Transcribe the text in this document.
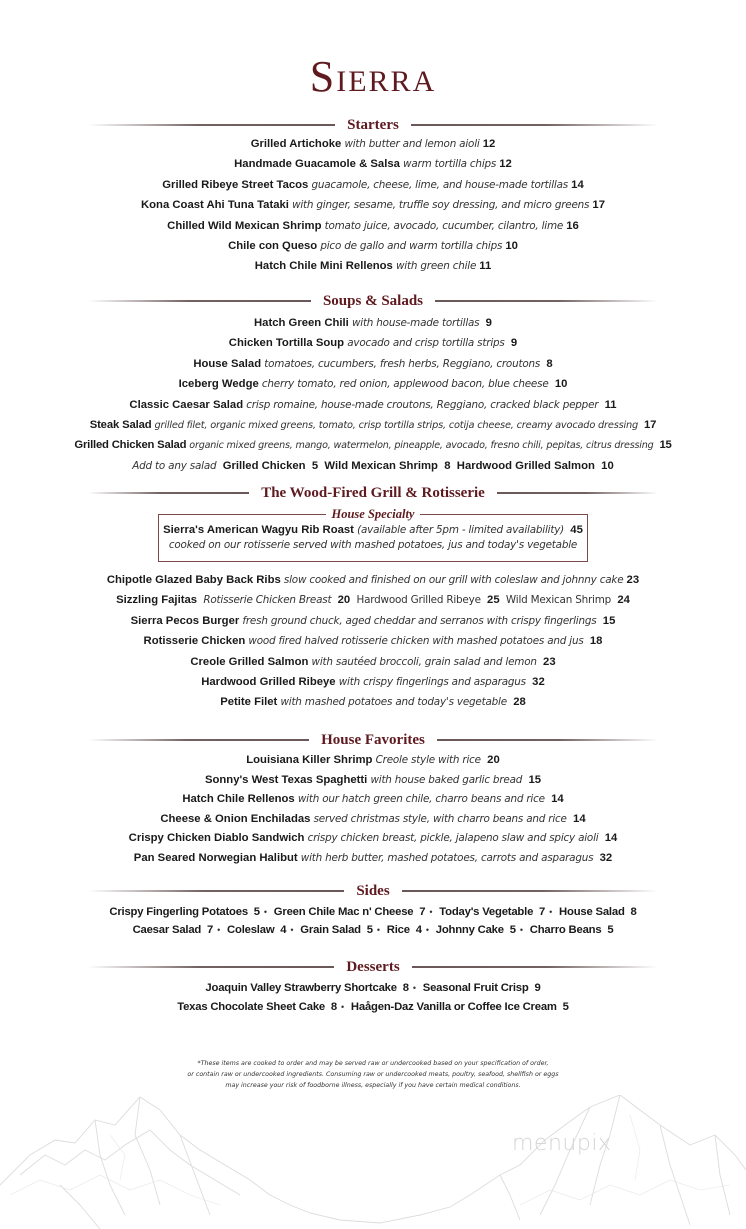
SIERRA
Starters
Grilled Artichoke with butter and lemon aioli 12
Handmade Guacamole & Salsa warm tortilla chips 12
Grilled Ribeye Street Tacos guacamole, cheese, lime, and house-made tortillas 14
Kona Coast Ahi Tuna Tataki with ginger, sesame, truffle soy dressing, and micro greens 17
Chilled Wild Mexican Shrimp tomato juice, avocado, cucumber, cilantro, lime 16
Chile con Queso pico de gallo and warm tortilla chips 10
Hatch Chile Mini Rellenos with green chile 11
Soups & Salads
Hatch Green Chili with house-made tortillas 9
Chicken Tortilla Soup avocado and crisp tortilla strips 9
House Salad tomatoes, cucumbers, fresh herbs, Reggiano, croutons 8
Iceberg Wedge cherry tomato, red onion, applewood bacon, blue cheese 10
Classic Caesar Salad crisp romaine, house-made croutons, Reggiano, cracked black pepper 11
Steak Salad grilled filet, organic mixed greens, tomato, crisp tortilla strips, cotija cheese, creamy avocado dressing 17
Grilled Chicken Salad organic mixed greens, mango, watermelon, pineapple, avocado, fresno chili, pepitas, citrus dressing 15
Add to any salad Grilled Chicken 5 Wild Mexican Shrimp 8 Hardwood Grilled Salmon 10
The Wood-Fired Grill & Rotisserie
House Specialty
Sierra's American Wagyu Rib Roast (available after 5pm - limited availability) 45
cooked on our rotisserie served with mashed potatoes, jus and today's vegetable
Chipotle Glazed Baby Back Ribs slow cooked and finished on our grill with coleslaw and johnny cake 23
Sizzling Fajitas Rotisserie Chicken Breast 20 Hardwood Grilled Ribeye 25 Wild Mexican Shrimp 24
Sierra Pecos Burger fresh ground chuck, aged cheddar and serranos with crispy fingerlings 15
Rotisserie Chicken wood fired halved rotisserie chicken with mashed potatoes and jus 18
Creole Grilled Salmon with sautéed broccoli, grain salad and lemon 23
Hardwood Grilled Ribeye with crispy fingerlings and asparagus 32
Petite Filet with mashed potatoes and today's vegetable 28
House Favorites
Louisiana Killer Shrimp Creole style with rice 20
Sonny's West Texas Spaghetti with house baked garlic bread 15
Hatch Chile Rellenos with our hatch green chile, charro beans and rice 14
Cheese & Onion Enchiladas served christmas style, with charro beans and rice 14
Crispy Chicken Diablo Sandwich crispy chicken breast, pickle, jalapeno slaw and spicy aioli 14
Pan Seared Norwegian Halibut with herb butter, mashed potatoes, carrots and asparagus 32
Sides
Crispy Fingerling Potatoes 5 • Green Chile Mac n' Cheese 7 • Today's Vegetable 7 • House Salad 8
Caesar Salad 7 • Coleslaw 4 • Grain Salad 5 • Rice 4 • Johnny Cake 5 • Charro Beans 5
Desserts
Joaquin Valley Strawberry Shortcake 8 • Seasonal Fruit Crisp 9
Texas Chocolate Sheet Cake 8 • Haågen-Daz Vanilla or Coffee Ice Cream 5
*These items are cooked to order and may be served raw or undercooked based on your specification of order,
or contain raw or undercooked ingredients. Consuming raw or undercooked meats, poultry, seafood, shellfish or eggs
may increase your risk of foodborne illness, especially if you have certain medical conditions.
menupix
